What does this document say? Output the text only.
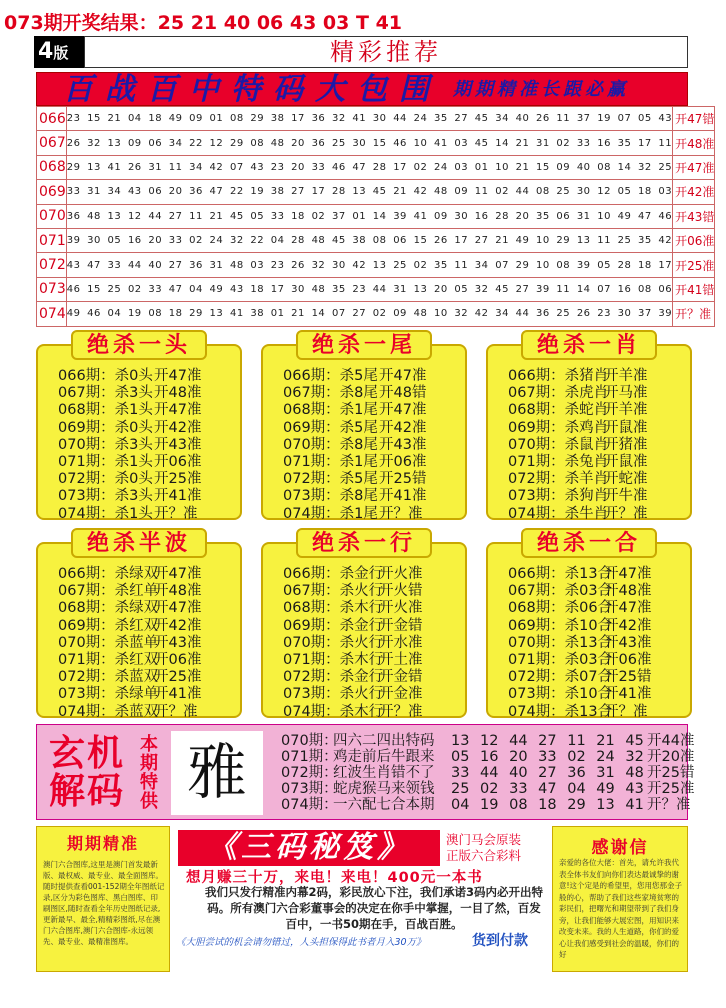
073期开奖结果：25 21 40 06 43 03 T 41
4版	精彩推荐
百战百中特码大包围 期期精准长跟必赢
066	23 15 21 04 18 49 09 01 08 29 38 17 36 32 41 30 44 24 35 27 45 34 40 26 11 37 19 07 05 43	开47错
067	26 32 13 09 06 34 22 12 29 08 48 20 36 25 30 15 46 10 41 03 45 14 21 31 02 33 16 35 17 11	开48准
068	29 13 41 26 31 11 34 42 07 43 23 20 33 46 47 28 17 02 24 03 01 10 21 15 09 40 08 14 32 25	开47准
069	33 31 34 43 06 20 36 47 22 19 38 27 17 28 13 45 21 42 48 09 11 02 44 08 25 30 12 05 18 03	开42准
070	36 48 13 12 44 27 11 21 45 05 33 18 02 37 01 14 39 41 09 30 16 28 20 35 06 31 10 49 47 46	开43错
071	39 30 05 16 20 33 02 24 32 22 04 28 48 45 38 08 06 15 26 17 27 21 49 10 29 13 11 25 35 42	开06准
072	43 47 33 44 40 27 36 31 48 03 23 26 32 30 42 13 25 02 35 11 34 07 29 10 08 39 05 28 18 17	开25准
073	46 15 25 02 33 47 04 49 43 18 17 30 48 35 23 44 31 13 20 05 32 45 27 39 11 14 07 16 08 06	开41错
074	49 46 04 19 08 18 29 13 41 38 01 21 14 07 27 02 09 48 10 32 42 34 44 36 25 26 23 30 37 39	开？准
绝杀一头
066期：杀0头开47准
067期：杀3头开48准
068期：杀1头开47准
069期：杀0头开42准
070期：杀3头开43准
071期：杀1头开06准
072期：杀0头开25准
073期：杀3头开41准
074期：杀1头开？准
绝杀一尾
066期：杀5尾开47准
067期：杀8尾开48错
068期：杀1尾开47准
069期：杀5尾开42准
070期：杀8尾开43准
071期：杀1尾开06准
072期：杀5尾开25错
073期：杀8尾开41准
074期：杀1尾开？准
绝杀一肖
066期：杀猪肖开羊准
067期：杀虎肖开马准
068期：杀蛇肖开羊准
069期：杀鸡肖开鼠准
070期：杀鼠肖开猪准
071期：杀兔肖开鼠准
072期：杀羊肖开蛇准
073期：杀狗肖开牛准
074期：杀牛肖开？准
绝杀半波
066期：杀绿双开47准
067期：杀红单开48准
068期：杀绿双开47准
069期：杀红双开42准
070期：杀蓝单开43准
071期：杀红双开06准
072期：杀蓝双开25准
073期：杀绿单开41准
074期：杀蓝双开？准
绝杀一行
066期：杀金行开火准
067期：杀火行开火错
068期：杀木行开火准
069期：杀金行开金错
070期：杀火行开水准
071期：杀木行开土准
072期：杀金行开金错
073期：杀火行开金准
074期：杀木行开？准
绝杀一合
066期：杀13合开47准
067期：杀03合开48准
068期：杀06合开47准
069期：杀10合开42准
070期：杀13合开43准
071期：杀03合开06准
072期：杀07合开25错
073期：杀10合开41准
074期：杀13合开？准
玄机
解码
本期特供 雅	070期：四六二四出特码 13 12 44 27 11 21 45 开44准
071期：鸡走前后牛跟来 05 16 20 33 02 24 32 开20准
072期：红波生肖错不了 33 44 40 27 36 31 48 开25错
073期：蛇虎猴马来领钱 25 02 33 47 04 49 43 开25准
074期：一六配七合本期 04 19 08 18 29 13 41 开？准
期期精准
澳门六合图库,这里是澳门首发最新版、最权威、最专业、最全面图库。随时提供查看001-152期全年图纸记录,区分为彩色图库、黑白图库、印刷图区,随时查看全年历史图纸记录,更新最早、最全,精精彩图纸,尽在澳门六合图库,澳门六合图库-永远领先、最专业、最精准图库。
《三码秘笈》	澳门马会原装
正版六合彩料
想月赚三十万，来电！来电！400元一本书
我们只发行精准内幕2码，彩民放心下注，我们承诺3码内必开出特码。所有澳门六合彩董事会的决定在你手中掌握，一目了然，百发百中，一书50期在手，百战百胜。
《大胆尝试的机会请勿错过，人头担保得此书者月入30万》	货到付款
感谢信
亲爱的各位大佬：首先，请允许我代表全体书友们向你们表达最诚挚的谢意!这个定是的希望里，您用您那金子般的心，帮助了我们这些家境贫寒的彩民们，把曙光和期望带到了我们身旁，让我们能够大展宏图，用知识来改变未来。我的人生道路，你们的爱心让我们感受到社会的温暖，你们的好
